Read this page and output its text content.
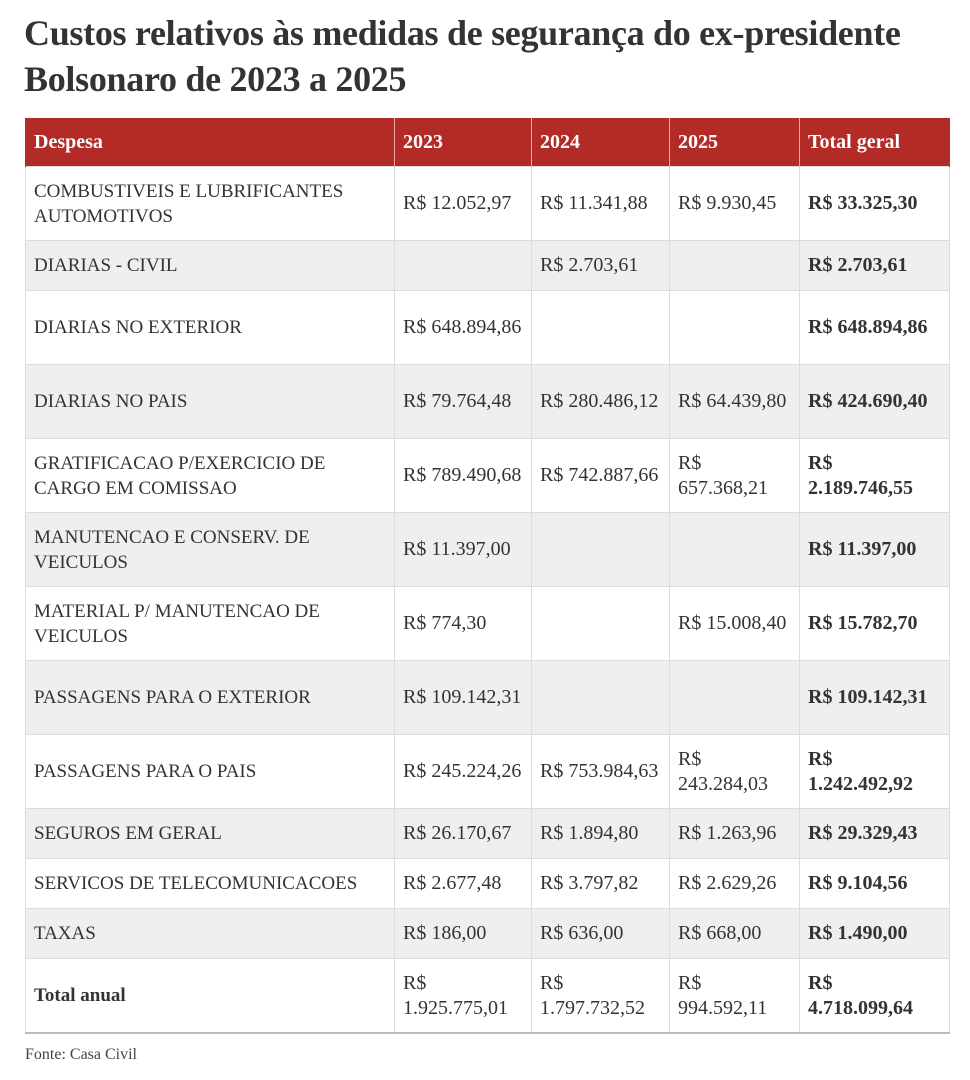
Custos relativos às medidas de segurança do ex-presidente Bolsonaro de 2023 a 2025
Despesa	2023	2024	2025	Total geral
COMBUSTIVEIS E LUBRIFICANTES AUTOMOTIVOS	R$ 12.052,97	R$ 11.341,88	R$ 9.930,45	R$ 33.325,30
DIARIAS - CIVIL		R$ 2.703,61		R$ 2.703,61
DIARIAS NO EXTERIOR	R$ 648.894,86			R$ 648.894,86
DIARIAS NO PAIS	R$ 79.764,48	R$ 280.486,12	R$ 64.439,80	R$ 424.690,40
GRATIFICACAO P/EXERCICIO DE CARGO EM COMISSAO	R$ 789.490,68	R$ 742.887,66	R$ 657.368,21	R$ 2.189.746,55
MANUTENCAO E CONSERV. DE VEICULOS	R$ 11.397,00			R$ 11.397,00
MATERIAL P/ MANUTENCAO DE VEICULOS	R$ 774,30		R$ 15.008,40	R$ 15.782,70
PASSAGENS PARA O EXTERIOR	R$ 109.142,31			R$ 109.142,31
PASSAGENS PARA O PAIS	R$ 245.224,26	R$ 753.984,63	R$ 243.284,03	R$ 1.242.492,92
SEGUROS EM GERAL	R$ 26.170,67	R$ 1.894,80	R$ 1.263,96	R$ 29.329,43
SERVICOS DE TELECOMUNICACOES	R$ 2.677,48	R$ 3.797,82	R$ 2.629,26	R$ 9.104,56
TAXAS	R$ 186,00	R$ 636,00	R$ 668,00	R$ 1.490,00
Total anual	R$ 1.925.775,01	R$ 1.797.732,52	R$ 994.592,11	R$ 4.718.099,64
Fonte: Casa Civil
